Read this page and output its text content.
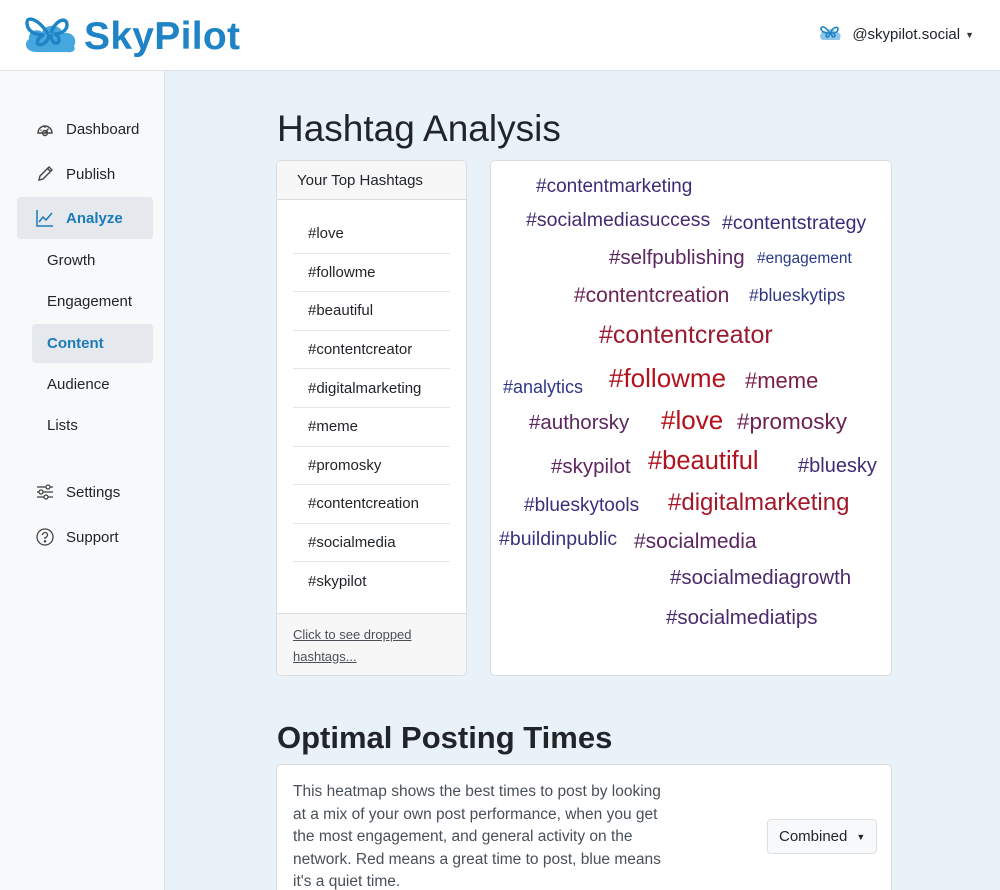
SkyPilot	@skypilot.social ▼
Dashboard
Publish
Analyze
Growth
Engagement
Content
Audience
Lists
Settings
Support
Hashtag Analysis
Your Top Hashtags
#love
#followme
#beautiful
#contentcreator
#digitalmarketing
#meme
#promosky
#contentcreation
#socialmedia
#skypilot
Click to see dropped hashtags...
#contentmarketing
#socialmediasuccess #contentstrategy
#selfpublishing #engagement
#contentcreation #blueskytips
#contentcreator
#analytics #followme #meme
#authorsky #love #promosky
#skypilot #beautiful #bluesky
#blueskytools #digitalmarketing
#buildinpublic #socialmedia
#socialmediagrowth
#socialmediatips
Optimal Posting Times

This heatmap shows the best times to post by looking at a mix of your own post performance, when you get the most engagement, and general activity on the network. Red means a great time to post, blue means it's a quiet time.

Combined ▼
